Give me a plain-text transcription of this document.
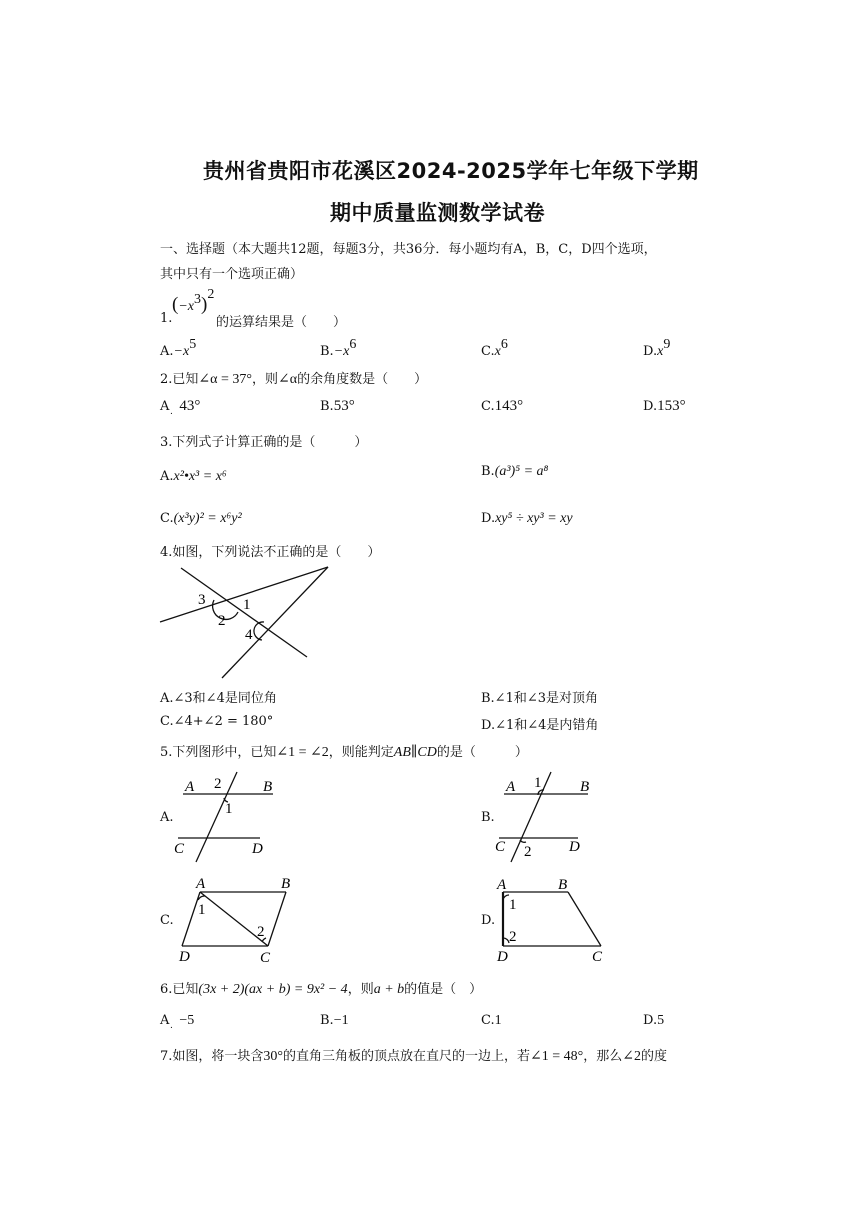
贵州省贵阳市花溪区2024-2025学年七年级下学期
期中质量监测数学试卷
一、选择题（本大题共12题，每题3分，共36分．每小题均有A，B，C，D四个选项，
其中只有一个选项正确）
1.
$(-x^3)^2$
的运算结果是（　　）
$A.-x^5$	$B.-x^6$	$C.x^6$	$D.x^9$
2.已知∠α = 37°，则∠α的余角度数是（　　）
A 43°
.	B.53°	C.143°	D.153°
3.下列式子计算正确的是（　　　）
A.x²•x³ = x⁶	B.(a³)⁵ = a⁸
C.(x³y)² = x⁶y²	D.xy⁵ ÷ xy³ = xy
4.如图，下列说法不正确的是（　　）
3	1
2
4
A.∠3和∠4是同位角	B.∠1和∠3是对顶角
C.∠4+∠2 = 180°	D.∠1和∠4是内错角
5.下列图形中，已知∠1 = ∠2，则能判定AB∥CD的是（　　　）
A.	B.
C.	D.
A	B
2
1
C	D
A	B
1
C 2	D
A	B
1
2
D	C
A	B
1
2
D	C
6.已知(3x + 2)(ax + b) = 9x² − 4，则a + b的值是（　）
A −5
.	B.−1	C.1	D.5
7.如图，将一块含30°的直角三角板的顶点放在直尺的一边上，若∠1 = 48°，那么∠2的度
